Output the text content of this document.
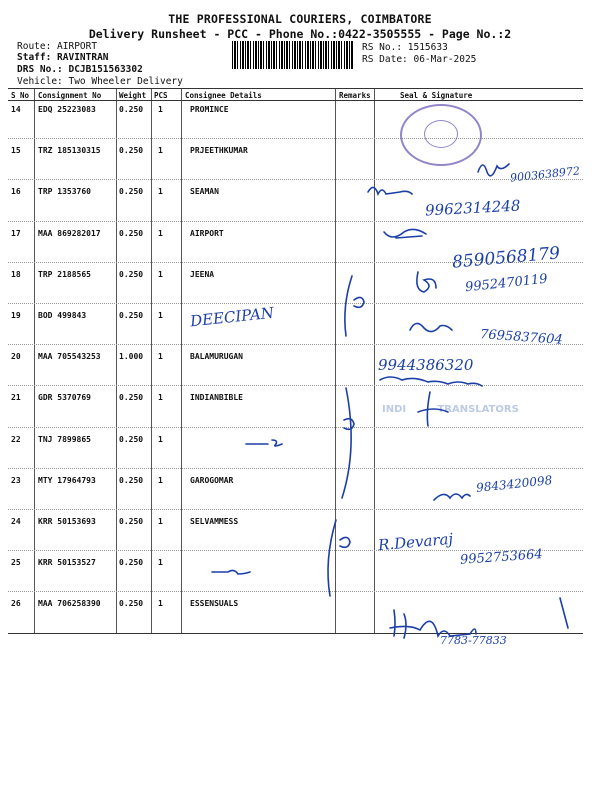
THE PROFESSIONAL COURIERS, COIMBATORE
Delivery Runsheet - PCC - Phone No.:0422-3505555 - Page No.:2
Route: AIRPORT
Staff: RAVINTRAN
DRS No.: DCJB151563302
Vehicle: Two Wheeler Delivery
RS No.: 1515633
RS Date: 06-Mar-2025
S No Consignment No Weight PCS Consignee Details	Remarks	Seal & Signature
14 EDQ 25223083	0.250 1	PROMINCE
15 TRZ 185130315 0.250 1	PRJEETHKUMAR
16 TRP 1353760	0.250 1	SEAMAN
17 MAA 869282017 0.250 1	AIRPORT
18 TRP 2188565	0.250 1	JEENA
19 BOD 499843	0.250 1
20 MAA 705543253 1.000 1	BALAMURUGAN
21 GDR 5370769	0.250 1	INDIANBIBLE
22 TNJ 7899865	0.250 1
23 MTY 17964793	0.250 1	GAROGOMAR
24 KRR 50153693	0.250 1	SELVAMMESS
25 KRR 50153527	0.250 1
26 MAA 706258390 0.250 1	ESSENSUALS
INDI         TRANSLATORS
9003638972
9962314248
8590568179
9952470119
DEECIPAN
7695837604
9944386320
9843420098
R.Devaraj
9952753664
7783-77833
